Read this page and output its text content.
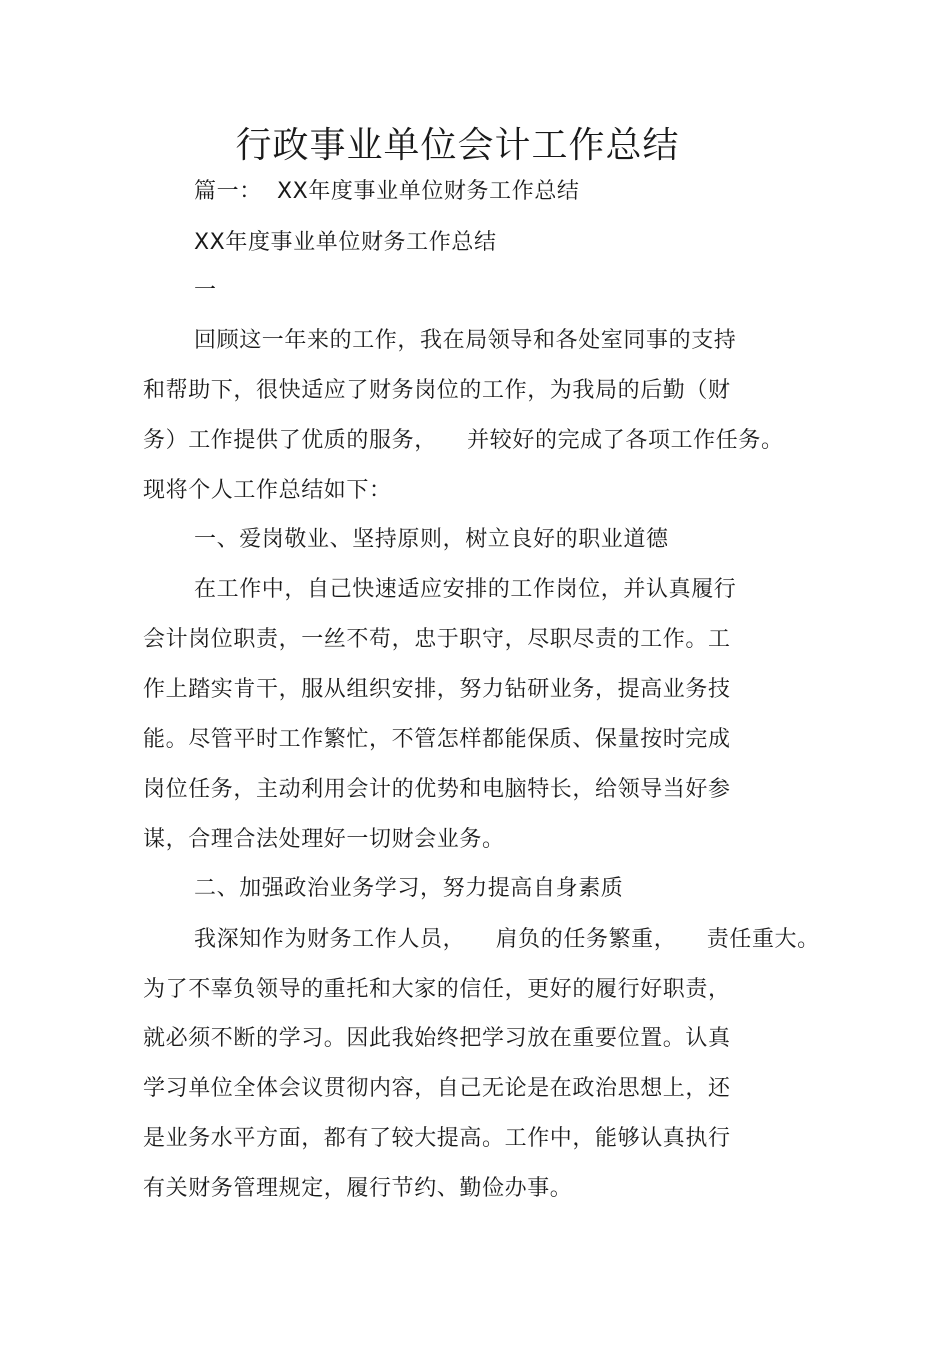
行政事业单位会计工作总结

篇一：  XX年度事业单位财务工作总结

XX年度事业单位财务工作总结

一

回顾这一年来的工作，我在局领导和各处室同事的支持

和帮助下，很快适应了财务岗位的工作，为我局的后勤（财

务）工作提供了优质的服务，    并较好的完成了各项工作任务。

现将个人工作总结如下：

一、爱岗敬业、坚持原则，树立良好的职业道德

在工作中，自己快速适应安排的工作岗位，并认真履行

会计岗位职责，一丝不苟，忠于职守，尽职尽责的工作。工

作上踏实肯干，服从组织安排，努力钻研业务，提高业务技

能。尽管平时工作繁忙，不管怎样都能保质、保量按时完成

岗位任务，主动利用会计的优势和电脑特长，给领导当好参

谋，合理合法处理好一切财会业务。

二、加强政治业务学习，努力提高自身素质

我深知作为财务工作人员，    肩负的任务繁重，    责任重大。

为了不辜负领导的重托和大家的信任，更好的履行好职责，

就必须不断的学习。因此我始终把学习放在重要位置。认真

学习单位全体会议贯彻内容，自己无论是在政治思想上，还

是业务水平方面，都有了较大提高。工作中，能够认真执行

有关财务管理规定，履行节约、勤俭办事。
